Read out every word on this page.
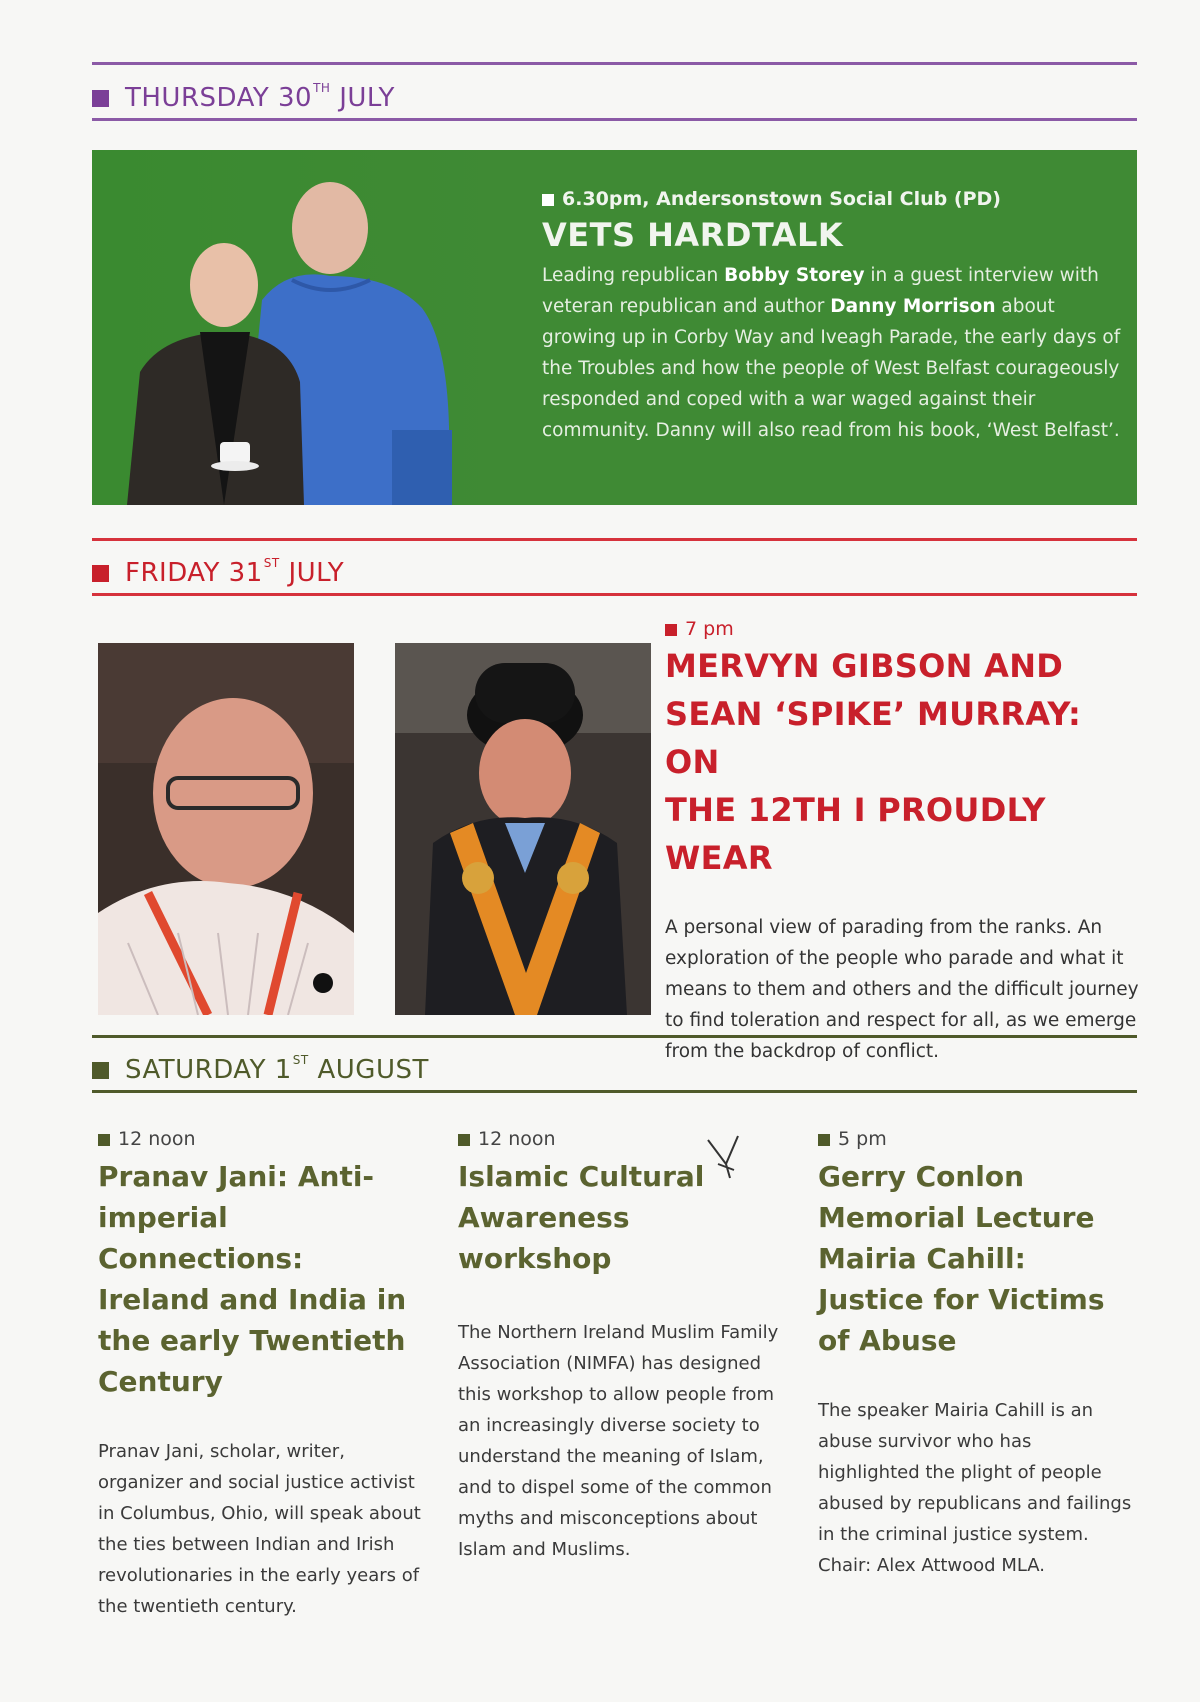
THURSDAY 30TH JULY
6.30pm, Andersonstown Social Club (PD)
VETS HARDTALK
Leading republican Bobby Storey in a guest interview with veteran republican and author Danny Morrison about growing up in Corby Way and Iveagh Parade, the early days of the Troubles and how the people of West Belfast courageously responded and coped with a war waged against their community. Danny will also read from his book, ‘West Belfast’.
FRIDAY 31ST JULY
7 pm
MERVYN GIBSON AND
SEAN ‘SPIKE’ MURRAY: ON
THE 12TH I PROUDLY WEAR
A personal view of parading from the ranks. An exploration of the people who parade and what it means to them and others and the difficult journey to find toleration and respect for all, as we emerge from the backdrop of conflict.
SATURDAY 1ST AUGUST
12 noon
Pranav Jani: Anti-imperial Connections: Ireland and India in the early Twentieth Century
Pranav Jani, scholar, writer, organizer and social justice activist in Columbus, Ohio, will speak about the ties between Indian and Irish revolutionaries in the early years of the twentieth century.
12 noon
Islamic Cultural Awareness workshop
The Northern Ireland Muslim Family Association (NIMFA) has designed this workshop to allow people from an increasingly diverse society to understand the meaning of Islam, and to dispel some of the common myths and misconceptions about Islam and Muslims.
5 pm
Gerry Conlon Memorial Lecture Mairia Cahill: Justice for Victims of Abuse
The speaker Mairia Cahill is an abuse survivor who has highlighted the plight of people abused by republicans and failings in the criminal justice system. Chair: Alex Attwood MLA.
